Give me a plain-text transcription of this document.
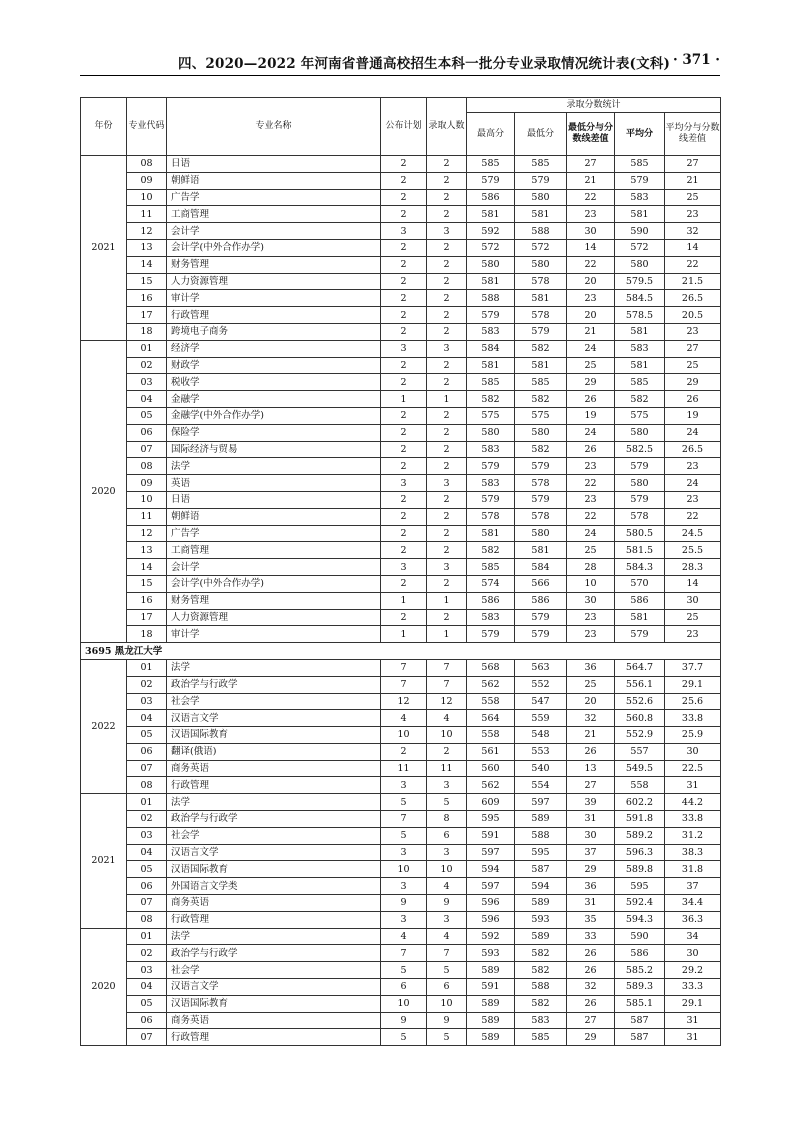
四、2020—2022 年河南省普通高校招生本科一批分专业录取情况统计表(文科) · 371 ·
年份	专业代码	专业名称	公布计划	录取人数	录取分数统计				
					最高分	最低分	最低分与分数线差值	平均分	平均分与分数线差值
2021	08	日语	2	2	585	585	27	585	27
	09	朝鲜语	2	2	579	579	21	579	21
	10	广告学	2	2	586	580	22	583	25
	11	工商管理	2	2	581	581	23	581	23
	12	会计学	3	3	592	588	30	590	32
	13	会计学(中外合作办学)	2	2	572	572	14	572	14
	14	财务管理	2	2	580	580	22	580	22
	15	人力资源管理	2	2	581	578	20	579.5	21.5
	16	审计学	2	2	588	581	23	584.5	26.5
	17	行政管理	2	2	579	578	20	578.5	20.5
	18	跨境电子商务	2	2	583	579	21	581	23
2020	01	经济学	3	3	584	582	24	583	27
	02	财政学	2	2	581	581	25	581	25
	03	税收学	2	2	585	585	29	585	29
	04	金融学	1	1	582	582	26	582	26
	05	金融学(中外合作办学)	2	2	575	575	19	575	19
	06	保险学	2	2	580	580	24	580	24
	07	国际经济与贸易	2	2	583	582	26	582.5	26.5
	08	法学	2	2	579	579	23	579	23
	09	英语	3	3	583	578	22	580	24
	10	日语	2	2	579	579	23	579	23
	11	朝鲜语	2	2	578	578	22	578	22
	12	广告学	2	2	581	580	24	580.5	24.5
	13	工商管理	2	2	582	581	25	581.5	25.5
	14	会计学	3	3	585	584	28	584.3	28.3
	15	会计学(中外合作办学)	2	2	574	566	10	570	14
	16	财务管理	1	1	586	586	30	586	30
	17	人力资源管理	2	2	583	579	23	581	25
	18	审计学	1	1	579	579	23	579	23
3695 黑龙江大学									
2022	01	法学	7	7	568	563	36	564.7	37.7
	02	政治学与行政学	7	7	562	552	25	556.1	29.1
	03	社会学	12	12	558	547	20	552.6	25.6
	04	汉语言文学	4	4	564	559	32	560.8	33.8
	05	汉语国际教育	10	10	558	548	21	552.9	25.9
	06	翻译(俄语)	2	2	561	553	26	557	30
	07	商务英语	11	11	560	540	13	549.5	22.5
	08	行政管理	3	3	562	554	27	558	31
2021	01	法学	5	5	609	597	39	602.2	44.2
	02	政治学与行政学	7	8	595	589	31	591.8	33.8
	03	社会学	5	6	591	588	30	589.2	31.2
	04	汉语言文学	3	3	597	595	37	596.3	38.3
	05	汉语国际教育	10	10	594	587	29	589.8	31.8
	06	外国语言文学类	3	4	597	594	36	595	37
	07	商务英语	9	9	596	589	31	592.4	34.4
	08	行政管理	3	3	596	593	35	594.3	36.3
2020	01	法学	4	4	592	589	33	590	34
	02	政治学与行政学	7	7	593	582	26	586	30
	03	社会学	5	5	589	582	26	585.2	29.2
	04	汉语言文学	6	6	591	588	32	589.3	33.3
	05	汉语国际教育	10	10	589	582	26	585.1	29.1
	06	商务英语	9	9	589	583	27	587	31
	07	行政管理	5	5	589	585	29	587	31
